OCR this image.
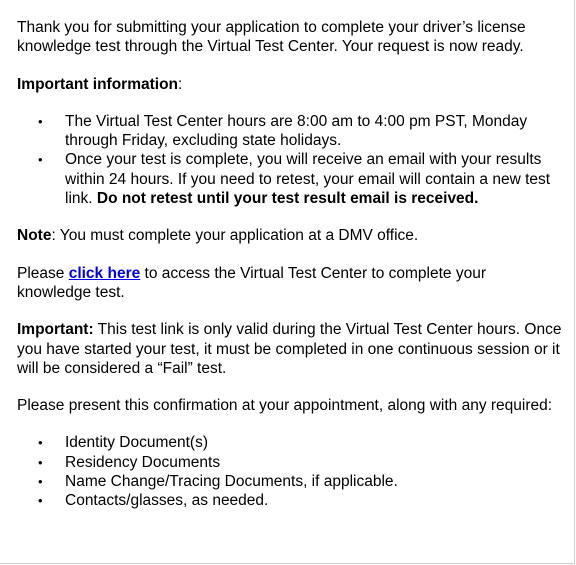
Thank you for submitting your application to complete your driver’s license knowledge test through the Virtual Test Center. Your request is now ready.

Important information:

• The Virtual Test Center hours are 8:00 am to 4:00 pm PST, Monday through Friday, excluding state holidays.
• Once your test is complete, you will receive an email with your results within 24 hours. If you need to retest, your email will contain a new test link. Do not retest until your test result email is received.

Note: You must complete your application at a DMV office.

Please click here to access the Virtual Test Center to complete your knowledge test.

Important: This test link is only valid during the Virtual Test Center hours. Once you have started your test, it must be completed in one continuous session or it will be considered a “Fail” test.

Please present this confirmation at your appointment, along with any required:

• Identity Document(s)
• Residency Documents
• Name Change/Tracing Documents, if applicable.
• Contacts/glasses, as needed.
